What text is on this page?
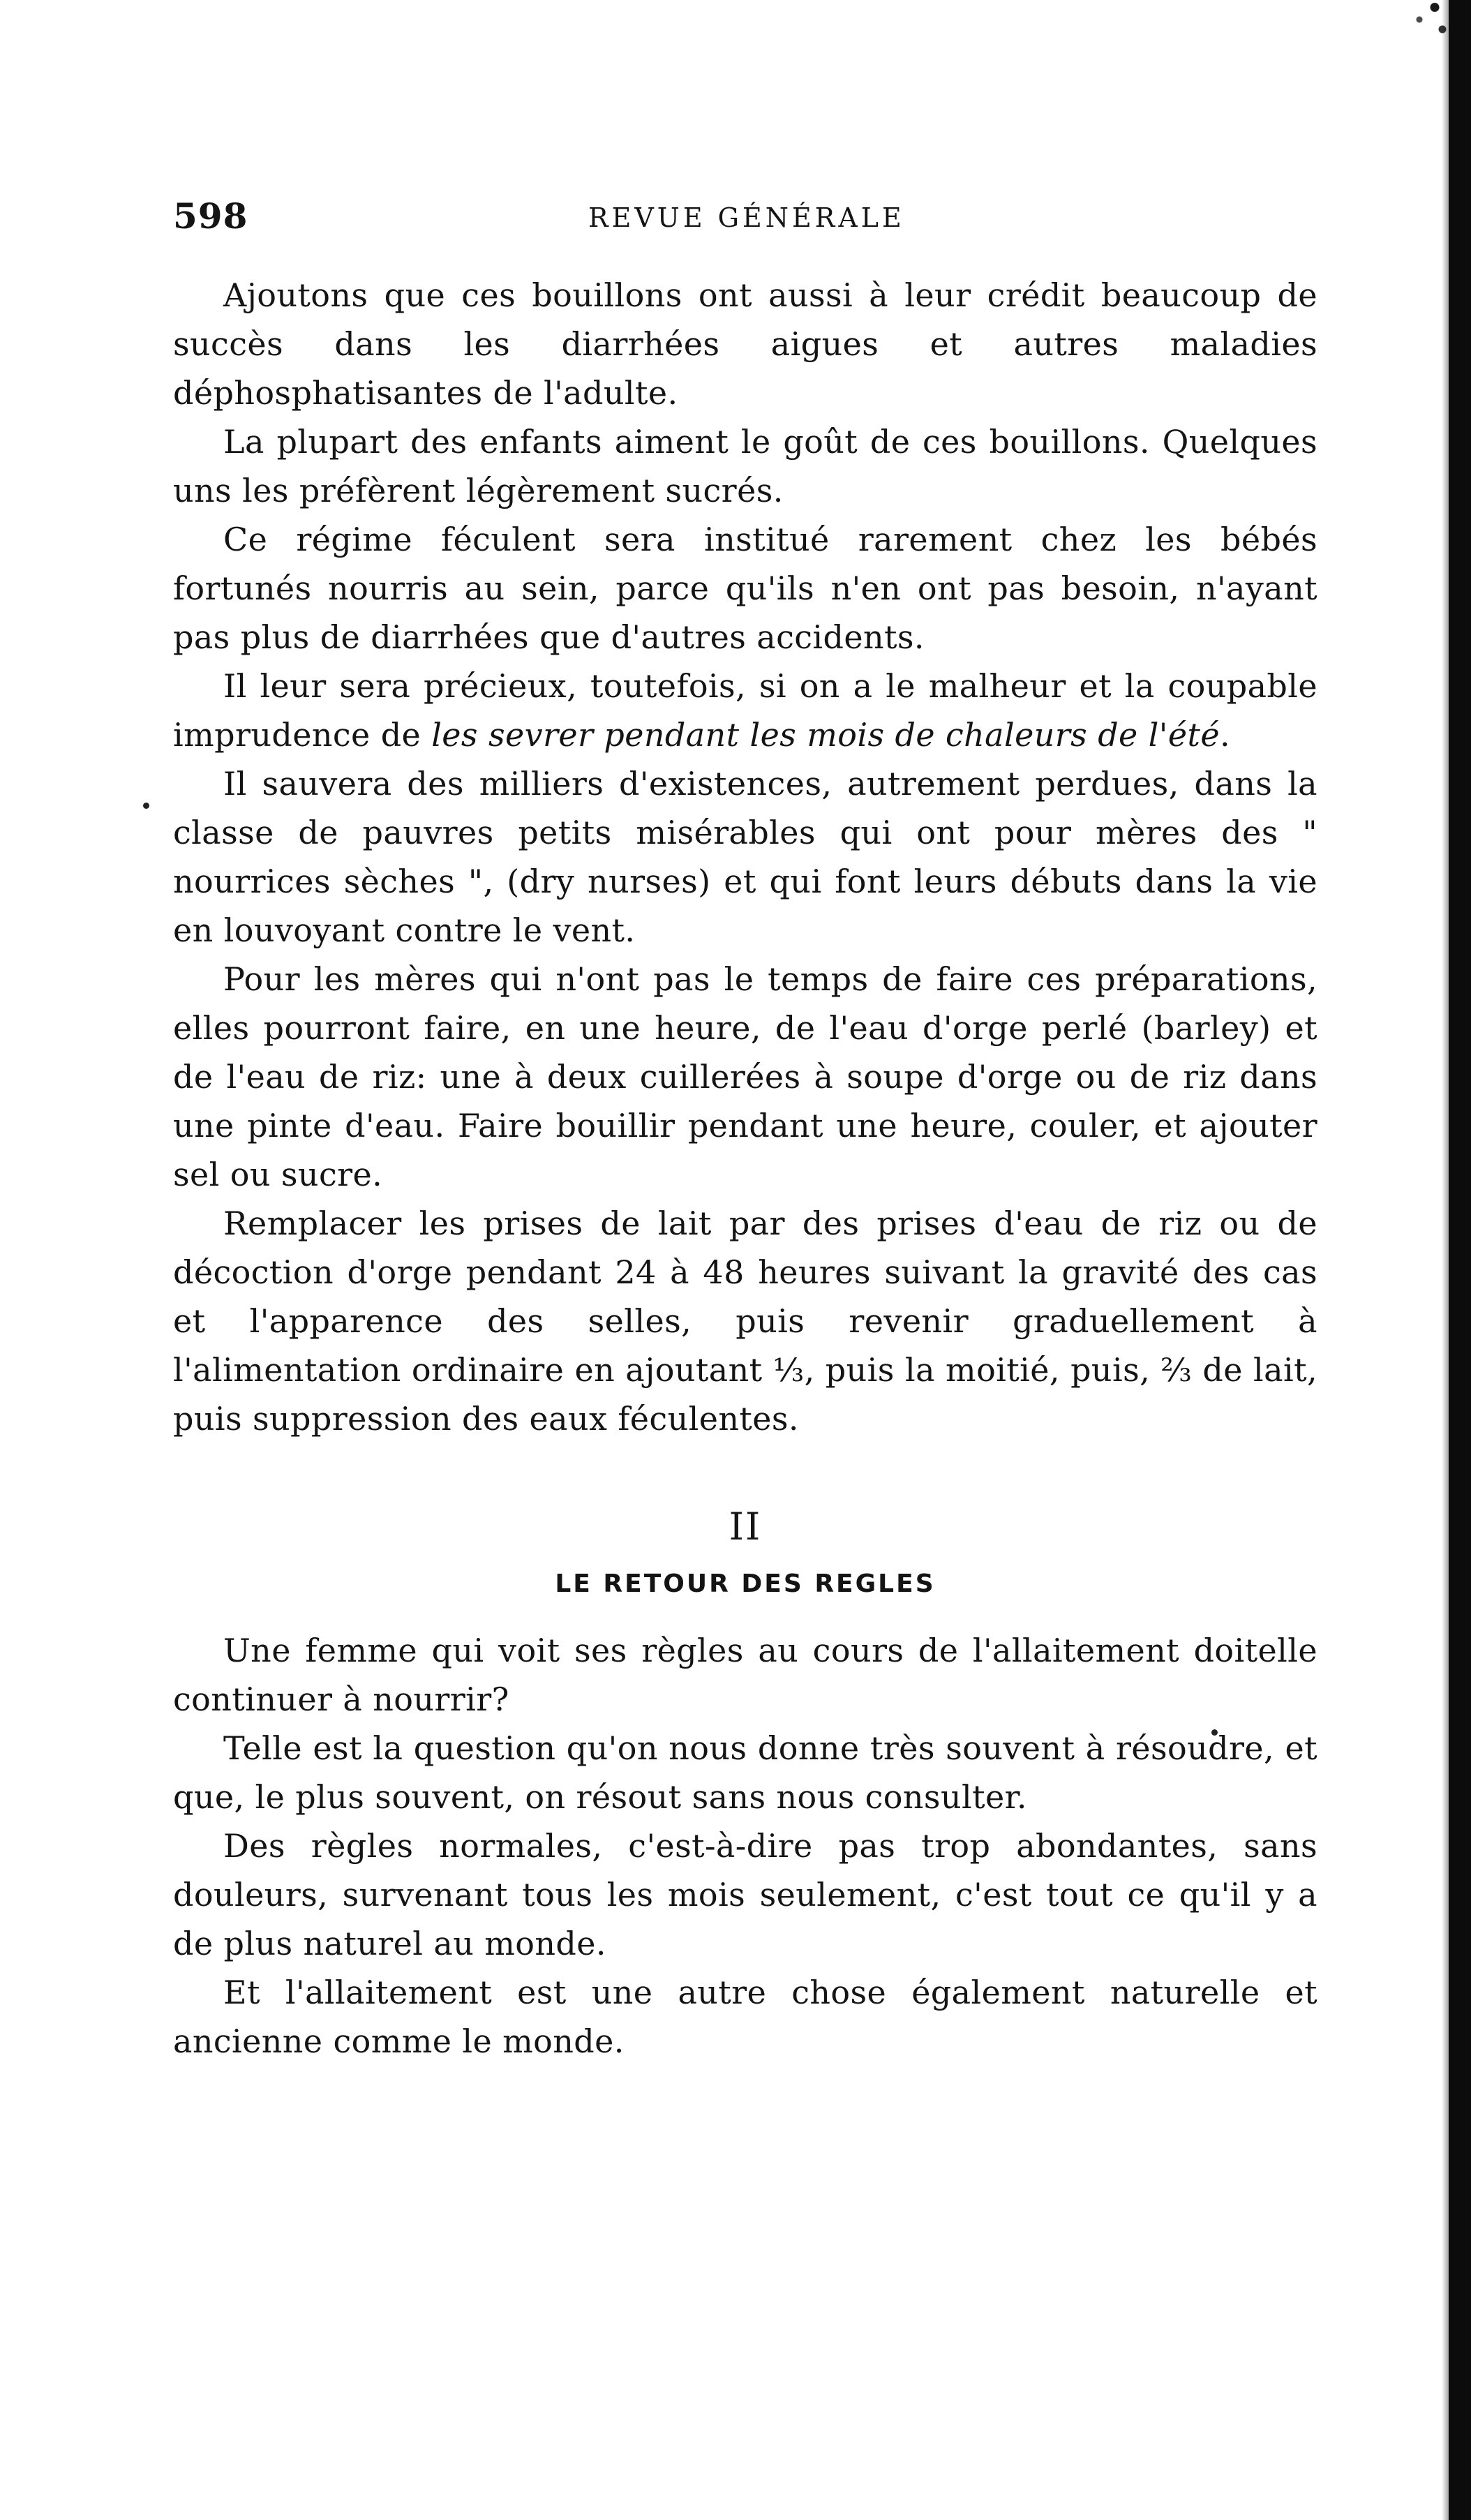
598	REVUE GÉNÉRALE

Ajoutons que ces bouillons ont aussi à leur crédit beaucoup de succès dans les diarrhées aigues et autres maladies déphosphatisantes de l'adulte.

La plupart des enfants aiment le goût de ces bouillons. Quelques uns les préfèrent légèrement sucrés.

Ce régime féculent sera institué rarement chez les bébés fortunés nourris au sein, parce qu'ils n'en ont pas besoin, n'ayant pas plus de diarrhées que d'autres accidents.

Il leur sera précieux, toutefois, si on a le malheur et la coupable imprudence de les sevrer pendant les mois de chaleurs de l'été.

Il sauvera des milliers d'existences, autrement perdues, dans la classe de pauvres petits misérables qui ont pour mères des " nourrices sèches ", (dry nurses) et qui font leurs débuts dans la vie en louvoyant contre le vent.

Pour les mères qui n'ont pas le temps de faire ces préparations, elles pourront faire, en une heure, de l'eau d'orge perlé (barley) et de l'eau de riz: une à deux cuillerées à soupe d'orge ou de riz dans une pinte d'eau. Faire bouillir pendant une heure, couler, et ajouter sel ou sucre.

Remplacer les prises de lait par des prises d'eau de riz ou de décoction d'orge pendant 24 à 48 heures suivant la gravité des cas et l'apparence des selles, puis revenir graduellement à l'alimentation ordinaire en ajoutant ⅓, puis la moitié, puis, ⅔ de lait, puis suppression des eaux féculentes.

II
LE RETOUR DES REGLES

Une femme qui voit ses règles au cours de l'allaitement doitelle continuer à nourrir?

Telle est la question qu'on nous donne très souvent à résoudre, et que, le plus souvent, on résout sans nous consulter.

Des règles normales, c'est-à-dire pas trop abondantes, sans douleurs, survenant tous les mois seulement, c'est tout ce qu'il y a de plus naturel au monde.

Et l'allaitement est une autre chose également naturelle et ancienne comme le monde.
